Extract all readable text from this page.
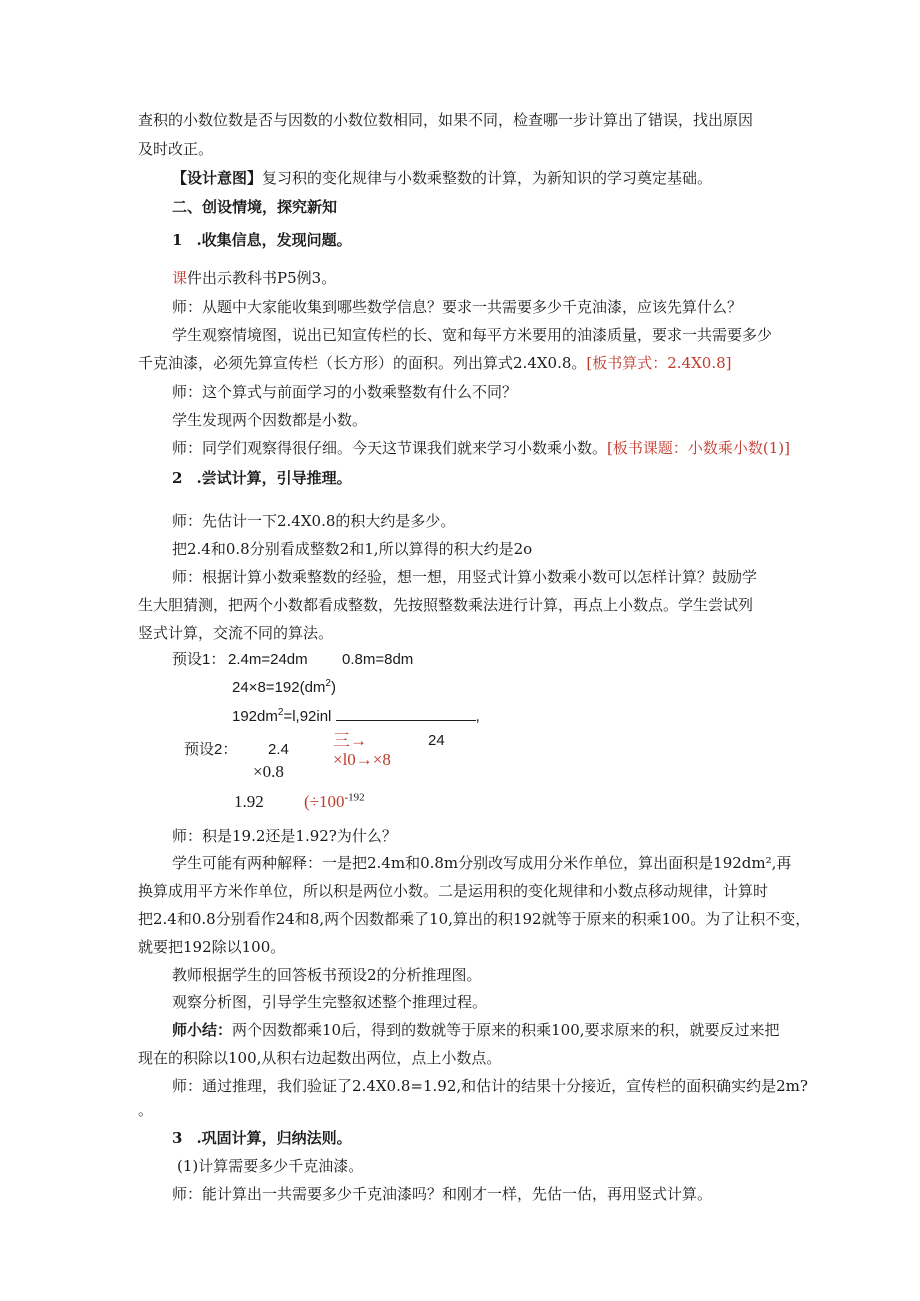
查积的小数位数是否与因数的小数位数相同，如果不同，检查哪一步计算出了错误，找出原因
及时改正。
【设计意图】复习积的变化规律与小数乘整数的计算，为新知识的学习奠定基础。
二、创设情境，探究新知
1 .收集信息，发现问题。
课件出示教科书P5例3。
师：从题中大家能收集到哪些数学信息？要求一共需要多少千克油漆，应该先算什么？
学生观察情境图，说出已知宣传栏的长、宽和每平方米要用的油漆质量，要求一共需要多少
千克油漆，必须先算宣传栏（长方形）的面积。列出算式2.4X0.8。[板书算式：2.4X0.8]
师：这个算式与前面学习的小数乘整数有什么不同？
学生发现两个因数都是小数。
师：同学们观察得很仔细。今天这节课我们就来学习小数乘小数。[板书课题：小数乘小数(1)]
2 .尝试计算，引导推理。
师：先估计一下2.4X0.8的积大约是多少。
把2.4和0.8分别看成整数2和1,所以算得的积大约是2o
师：根据计算小数乘整数的经验，想一想，用竖式计算小数乘小数可以怎样计算？鼓励学
生大胆猜测，把两个小数都看成整数，先按照整数乘法进行计算，再点上小数点。学生尝试列
竖式计算，交流不同的算法。
预设1： 2.4m=24dm 0.8m=8dm
$24\times 8=192(dm^2)$
$192dm^2=l,92inl$	,
预设2： 2.4	三→	24
×0.8
×l0→×8
1.92 ($\div 100^{-192}$
师：积是19.2还是1.92?为什么？
学生可能有两种解释：一是把2.4m和0.8m分别改写成用分米作单位，算出面积是192dm²,再
换算成用平方米作单位，所以积是两位小数。二是运用积的变化规律和小数点移动规律，计算时
把2.4和0.8分别看作24和8,两个因数都乘了10,算出的积192就等于原来的积乘100。为了让积不变，
就要把192除以100。
教师根据学生的回答板书预设2的分析推理图。
观察分析图，引导学生完整叙述整个推理过程。
师小结：两个因数都乘10后，得到的数就等于原来的积乘100,要求原来的积，就要反过来把
现在的积除以100,从积右边起数出两位，点上小数点。
师：通过推理，我们验证了2.4X0.8=1.92,和估计的结果十分接近，宣传栏的面积确实约是2m?
。
3 .巩固计算，归纳法则。
(1)计算需要多少千克油漆。
师：能计算出一共需要多少千克油漆吗？和刚才一样，先估一估，再用竖式计算。
